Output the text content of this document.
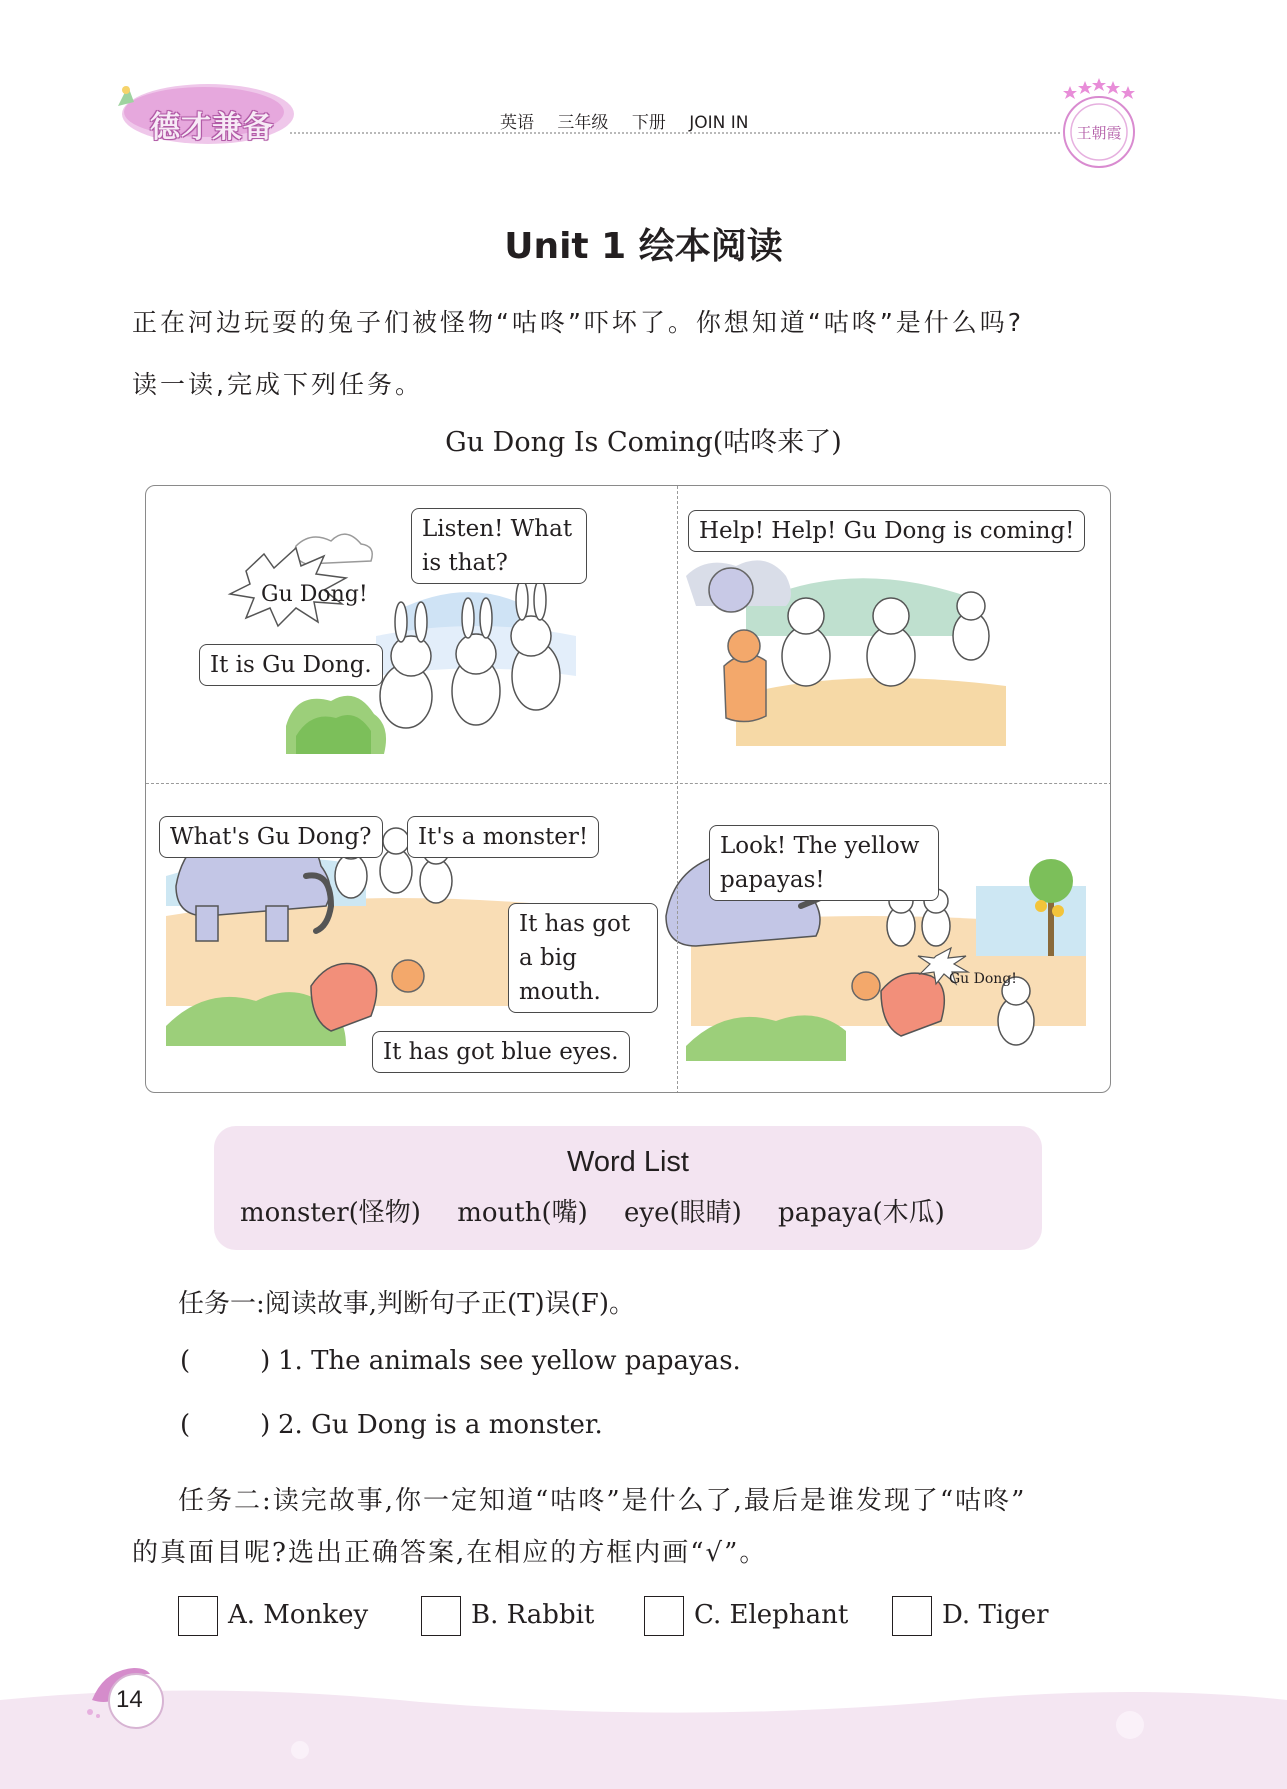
德才兼备	英语 三年级 下册 JOIN IN	王朝霞
Unit 1 绘本阅读
正在河边玩耍的兔子们被怪物“咕咚”吓坏了。你想知道“咕咚”是什么吗?
读一读,完成下列任务。
Gu Dong Is Coming(咕咚来了)
Gu Dong!
Listen! What is that?
It is Gu Dong.
Help! Help! Gu Dong is coming!
What's Gu Dong?	It's a monster!
It has got a big mouth.
It has got blue eyes.
Look! The yellow papayas!
Gu Dong!
Word List
monster(怪物) mouth(嘴) eye(眼睛) papaya(木瓜)
任务一:阅读故事,判断句子正(T)误(F)。
(	) 1. The animals see yellow papayas.
(	) 2. Gu Dong is a monster.
任务二:读完故事,你一定知道“咕咚”是什么了,最后是谁发现了“咕咚”
的真面目呢?选出正确答案,在相应的方框内画“√”。
A. Monkey	B. Rabbit	C. Elephant	D. Tiger
14
